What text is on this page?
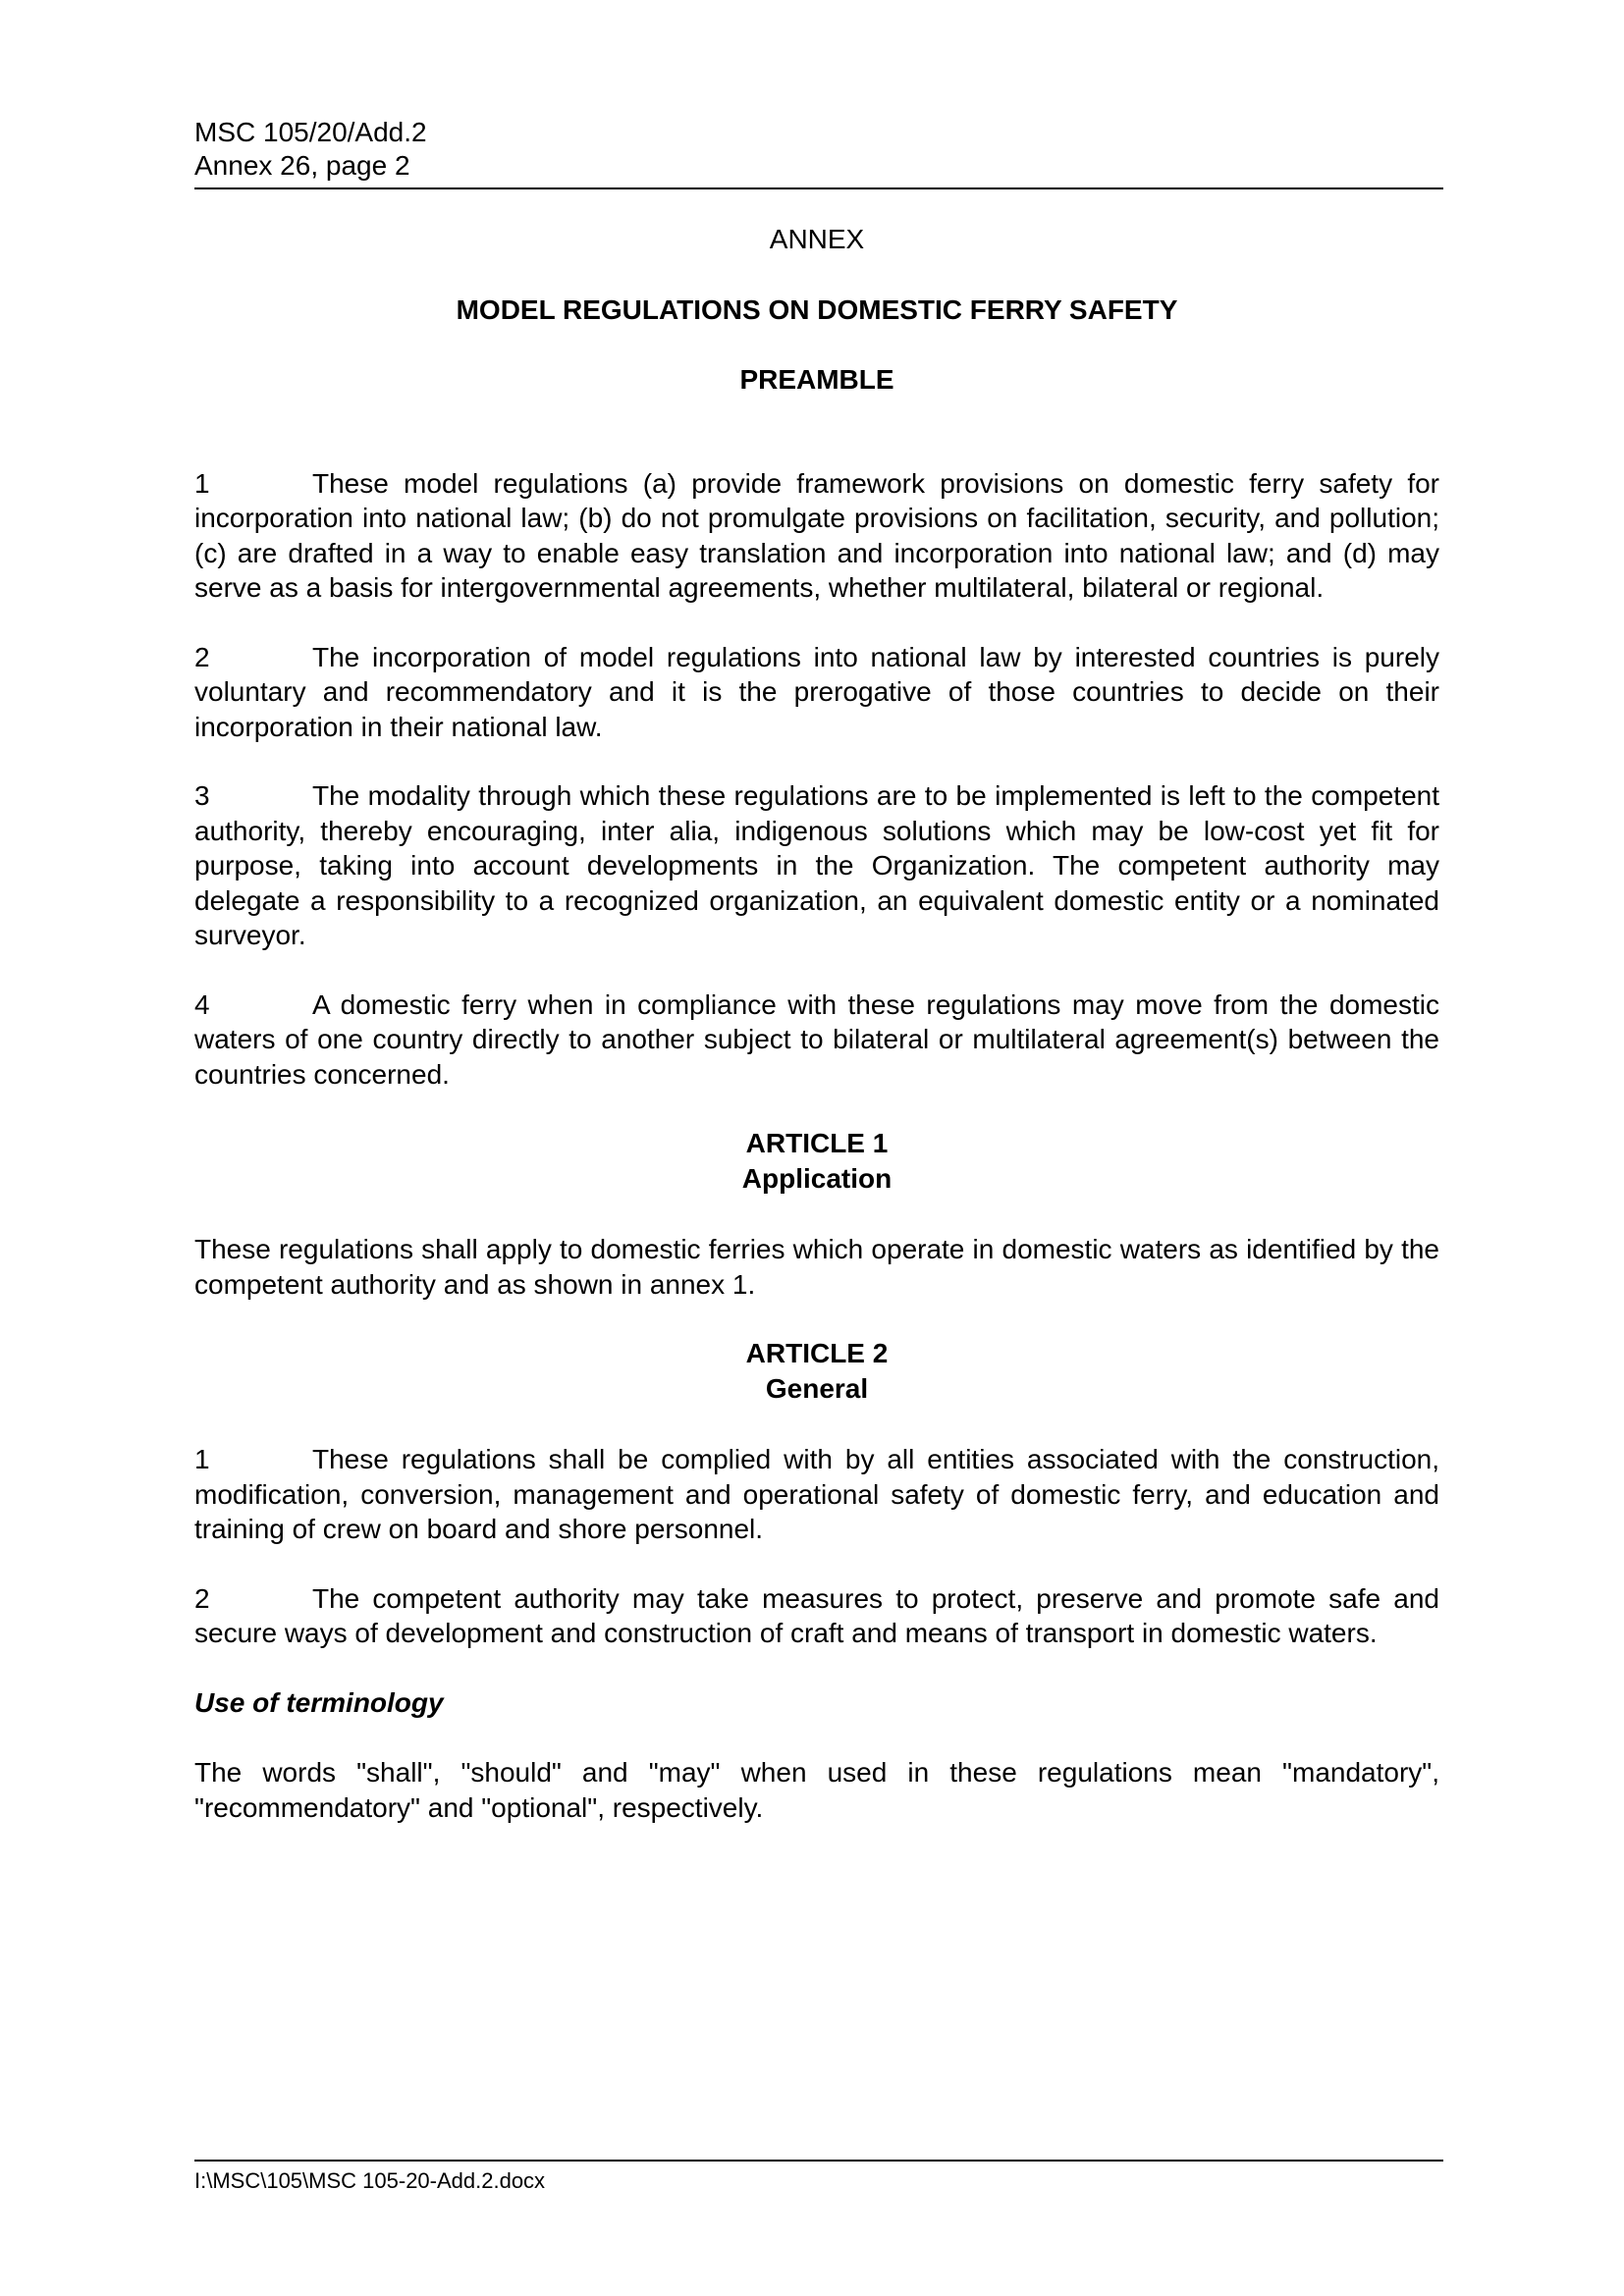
MSC 105/20/Add.2
Annex 26, page 2

ANNEX

MODEL REGULATIONS ON DOMESTIC FERRY SAFETY

PREAMBLE

1	These model regulations (a) provide framework provisions on domestic ferry safety for incorporation into national law; (b) do not promulgate provisions on facilitation, security, and pollution; (c) are drafted in a way to enable easy translation and incorporation into national law; and (d) may serve as a basis for intergovernmental agreements, whether multilateral, bilateral or regional.

2	The incorporation of model regulations into national law by interested countries is purely voluntary and recommendatory and it is the prerogative of those countries to decide on their incorporation in their national law.

3	The modality through which these regulations are to be implemented is left to the competent authority, thereby encouraging, inter alia, indigenous solutions which may be low-cost yet fit for purpose, taking into account developments in the Organization. The competent authority may delegate a responsibility to a recognized organization, an equivalent domestic entity or a nominated surveyor.

4	A domestic ferry when in compliance with these regulations may move from the domestic waters of one country directly to another subject to bilateral or multilateral agreement(s) between the countries concerned.

ARTICLE 1

Application

These regulations shall apply to domestic ferries which operate in domestic waters as identified by the competent authority and as shown in annex 1.

ARTICLE 2

General

1	These regulations shall be complied with by all entities associated with the construction, modification, conversion, management and operational safety of domestic ferry, and education and training of crew on board and shore personnel.

2	The competent authority may take measures to protect, preserve and promote safe and secure ways of development and construction of craft and means of transport in domestic waters.

Use of terminology

The words "shall", "should" and "may" when used in these regulations mean "mandatory", "recommendatory" and "optional", respectively.

I:\MSC\105\MSC 105-20-Add.2.docx
